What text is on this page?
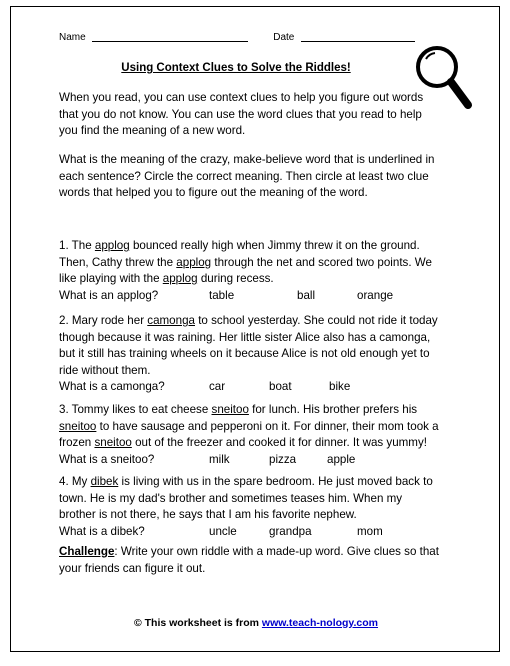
Name	Date
Using Context Clues to Solve the Riddles!
When you read, you can use context clues to help you figure out words
that you do not know. You can use the word clues that you read to help
you find the meaning of a new word.
What is the meaning of the crazy, make-believe word that is underlined in
each sentence? Circle the correct meaning. Then circle at least two clue
words that helped you to figure out the meaning of the word.
1. The applog bounced really high when Jimmy threw it on the ground.
Then, Cathy threw the applog through the net and scored two points. We
like playing with the applog during recess.
What is an applog?	table	ball	orange
2. Mary rode her camonga to school yesterday. She could not ride it today
though because it was raining. Her little sister Alice also has a camonga,
but it still has training wheels on it because Alice is not old enough yet to
ride without them.
What is a camonga?	car	boat	bike
3. Tommy likes to eat cheese sneitoo for lunch. His brother prefers his
sneitoo to have sausage and pepperoni on it. For dinner, their mom took a
frozen sneitoo out of the freezer and cooked it for dinner. It was yummy!
What is a sneitoo?	milk	pizza	apple
4. My dibek is living with us in the spare bedroom. He just moved back to
town. He is my dad's brother and sometimes teases him. When my
brother is not there, he says that I am his favorite nephew.
What is a dibek?	uncle	grandpa	mom
Challenge: Write your own riddle with a made-up word. Give clues so that
your friends can figure it out.
© This worksheet is from www.teach-nology.com
